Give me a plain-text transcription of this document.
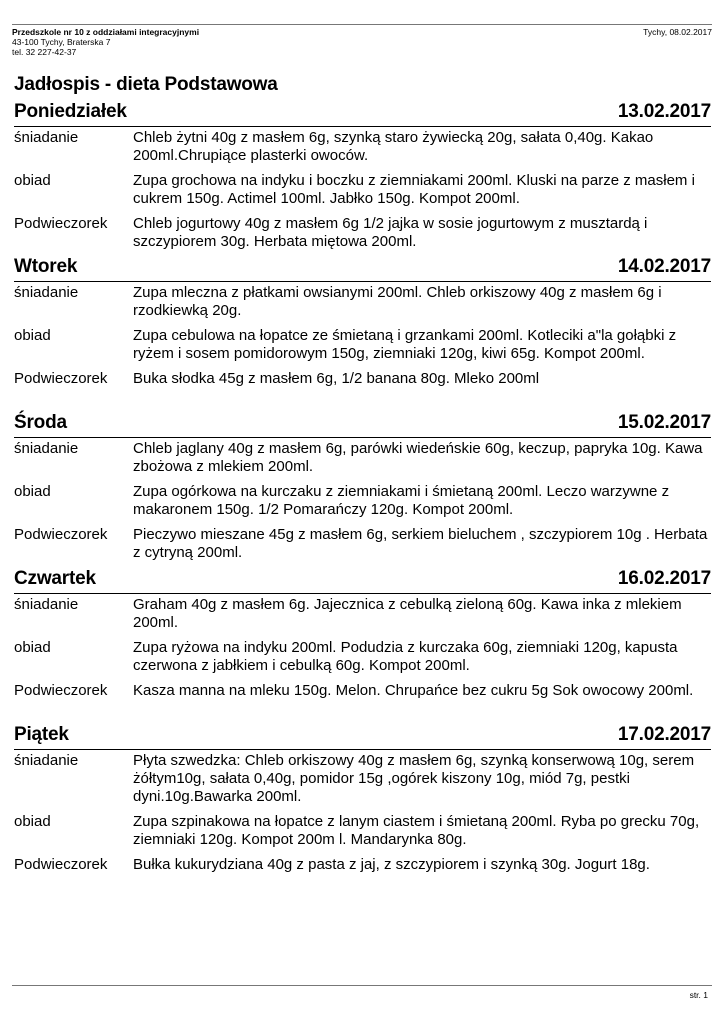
Przedszkole nr 10 z oddziałami integracyjnymi
43-100 Tychy, Braterska 7
tel. 32 227-42-37
Tychy, 08.02.2017
Jadłospis - dieta Podstawowa
Poniedziałek	13.02.2017
śniadanie	Chleb żytni 40g z masłem 6g, szynką staro żywiecką 20g, sałata 0,40g. Kakao 200ml.Chrupiące plasterki owoców.
obiad	Zupa grochowa na indyku i boczku z ziemniakami 200ml. Kluski na parze z masłem i cukrem 150g. Actimel 100ml. Jabłko 150g. Kompot 200ml.
Podwieczorek	Chleb jogurtowy 40g z masłem 6g 1/2 jajka w sosie jogurtowym z musztardą i szczypiorem 30g. Herbata miętowa 200ml.
Wtorek	14.02.2017
śniadanie	Zupa mleczna z płatkami owsianymi 200ml. Chleb orkiszowy 40g z masłem 6g i rzodkiewką 20g.
obiad	Zupa cebulowa na łopatce ze śmietaną i grzankami 200ml. Kotleciki a"la gołąbki z ryżem i sosem pomidorowym 150g, ziemniaki 120g, kiwi 65g. Kompot 200ml.
Podwieczorek	Buka słodka 45g z masłem 6g, 1/2 banana 80g. Mleko 200ml
Środa	15.02.2017
śniadanie	Chleb jaglany 40g z masłem 6g, parówki wiedeńskie 60g, keczup, papryka 10g. Kawa zbożowa z mlekiem 200ml.
obiad	Zupa ogórkowa na kurczaku z ziemniakami i śmietaną 200ml. Leczo warzywne z makaronem 150g. 1/2 Pomarańczy 120g. Kompot 200ml.
Podwieczorek	Pieczywo mieszane 45g z masłem 6g, serkiem bieluchem , szczypiorem 10g . Herbata z cytryną 200ml.
Czwartek	16.02.2017
śniadanie	Graham 40g z masłem 6g. Jajecznica z cebulką zieloną 60g. Kawa inka z mlekiem 200ml.
obiad	Zupa ryżowa na indyku 200ml. Podudzia z kurczaka 60g, ziemniaki 120g, kapusta czerwona z jabłkiem i cebulką 60g. Kompot 200ml.
Podwieczorek	Kasza manna na mleku 150g. Melon. Chrupańce bez cukru 5g Sok owocowy 200ml.
Piątek	17.02.2017
śniadanie	Płyta szwedzka: Chleb orkiszowy 40g z masłem 6g, szynką konserwową 10g, serem żółtym10g, sałata 0,40g, pomidor 15g ,ogórek kiszony 10g, miód 7g, pestki dyni.10g.Bawarka 200ml.
obiad	Zupa szpinakowa na łopatce z lanym ciastem i śmietaną 200ml. Ryba po grecku 70g, ziemniaki 120g. Kompot 200m l. Mandarynka 80g.
Podwieczorek	Bułka kukurydziana 40g z pasta z jaj, z szczypiorem i szynką 30g. Jogurt 18g.
str. 1
